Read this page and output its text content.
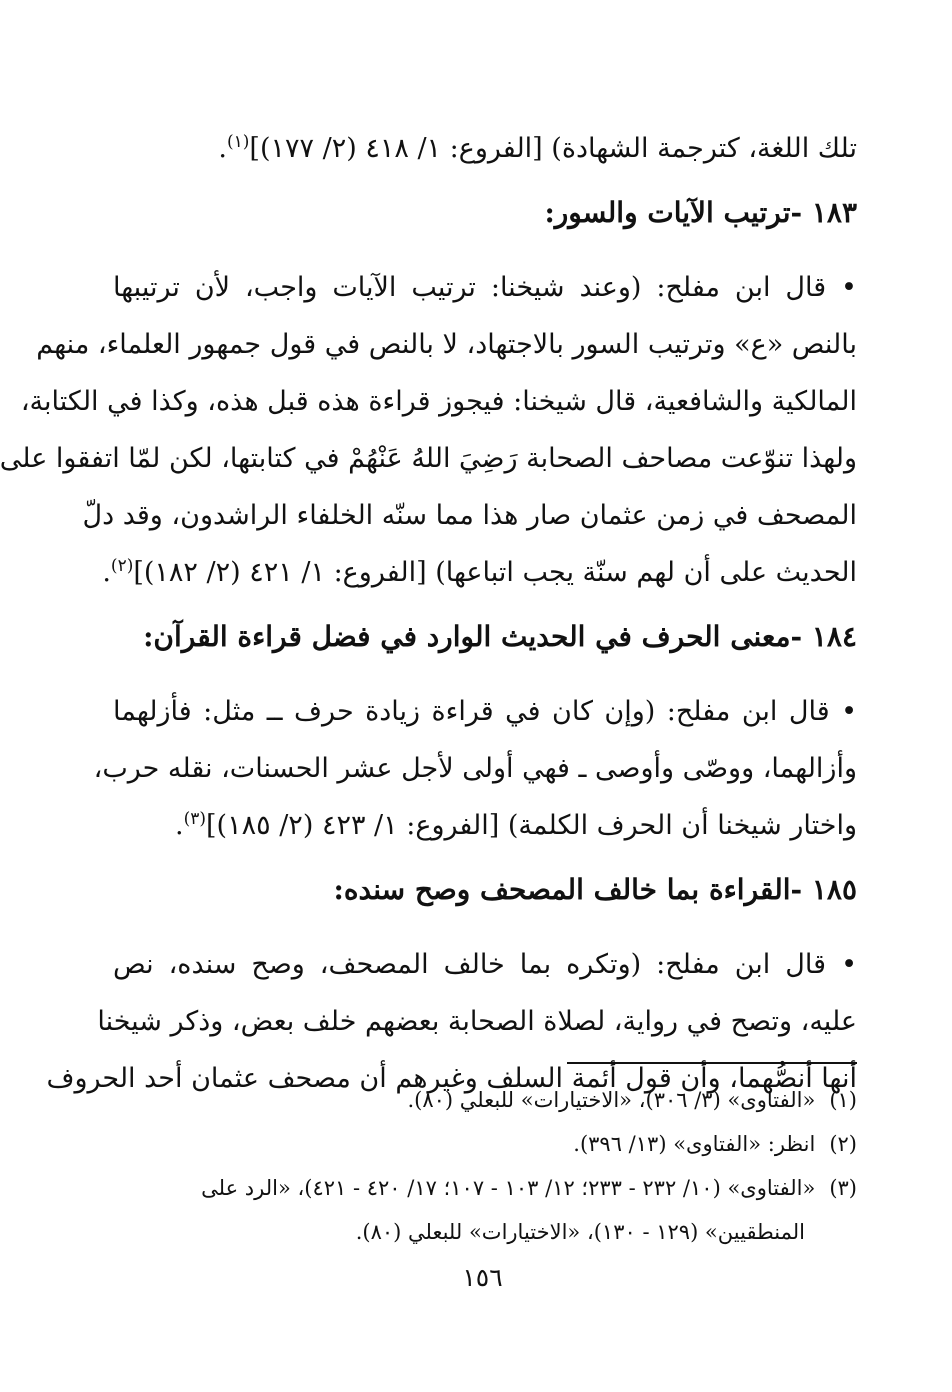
تلك اللغة، كترجمة الشهادة) [الفروع: ١/ ٤١٨ (٢/ ١٧٧)]$^{(١)}$.
١٨٣ -ترتيب الآيات والسور:
• قال ابن مفلح: (وعند شيخنا: ترتيب الآيات واجب، لأن ترتيبها
بالنص «ع» وترتيب السور بالاجتهاد، لا بالنص في قول جمهور العلماء، منهم
المالكية والشافعية، قال شيخنا: فيجوز قراءة هذه قبل هذه، وكذا في الكتابة،
ولهذا تنوّعت مصاحف الصحابة رَضِيَ اللهُ عَنْهُمْ في كتابتها، لكن لمّا اتفقوا على
المصحف في زمن عثمان صار هذا مما سنّه الخلفاء الراشدون، وقد دلّ
الحديث على أن لهم سنّة يجب اتباعها) [الفروع: ١/ ٤٢١ (٢/ ١٨٢)]$^{(٢)}$.
١٨٤ -معنى الحرف في الحديث الوارد في فضل قراءة القرآن:
• قال ابن مفلح: (وإن كان في قراءة زيادة حرف ــ مثل: فأزلهما
وأزالهما، ووصّى وأوصى ـ فهي أولى لأجل عشر الحسنات، نقله حرب،
واختار شيخنا أن الحرف الكلمة) [الفروع: ١/ ٤٢٣ (٢/ ١٨٥)]$^{(٣)}$.
١٨٥ -القراءة بما خالف المصحف وصح سنده:
• قال ابن مفلح: (وتكره بما خالف المصحف، وصح سنده، نص
عليه، وتصح في رواية، لصلاة الصحابة بعضهم خلف بعض، وذكر شيخنا
أنها أنصُّهما، وأن قول أئمة السلف وغيرهم أن مصحف عثمان أحد الحروف
(١)«الفتاوى» (٣/ ٣٠٦)، «الاختيارات» للبعلي (٨٠).
(٢)انظر: «الفتاوى» (١٣/ ٣٩٦).
(٣)«الفتاوى» (١٠/ ٢٣٢ - ٢٣٣؛ ١٢/ ١٠٣ - ١٠٧؛ ١٧/ ٤٢٠ - ٤٢١)، «الرد على
المنطقيين» (١٢٩ - ١٣٠)، «الاختيارات» للبعلي (٨٠).
١٥٦
